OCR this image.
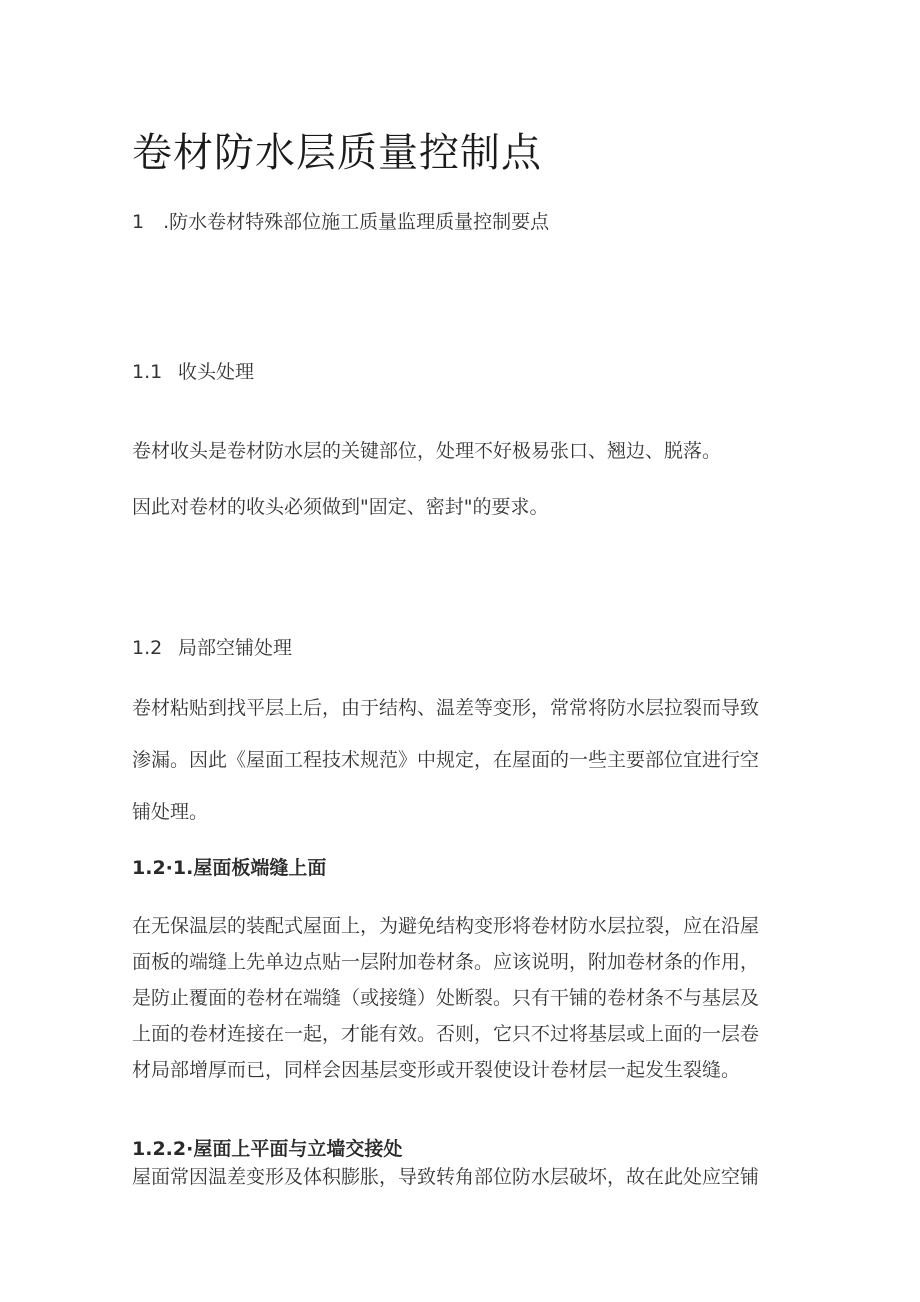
卷材防水层质量控制点
1　.防水卷材特殊部位施工质量监理质量控制要点
1.1 收头处理
卷材收头是卷材防水层的关键部位，处理不好极易张口、翘边、脱落。
因此对卷材的收头必须做到"固定、密封"的要求。
1.2 局部空铺处理
卷材粘贴到找平层上后，由于结构、温差等变形，常常将防水层拉裂而导致
渗漏。因此《屋面工程技术规范》中规定，在屋面的一些主要部位宜进行空
铺处理。
1.2·1.屋面板端缝上面
在无保温层的装配式屋面上，为避免结构变形将卷材防水层拉裂，应在沿屋
面板的端缝上先单边点贴一层附加卷材条。应该说明，附加卷材条的作用，
是防止覆面的卷材在端缝（或接缝）处断裂。只有干铺的卷材条不与基层及
上面的卷材连接在一起，才能有效。否则，它只不过将基层或上面的一层卷
材局部增厚而已，同样会因基层变形或开裂使设计卷材层一起发生裂缝。
1.2.2·屋面上平面与立墙交接处
屋面常因温差变形及体积膨胀，导致转角部位防水层破坏，故在此处应空铺
